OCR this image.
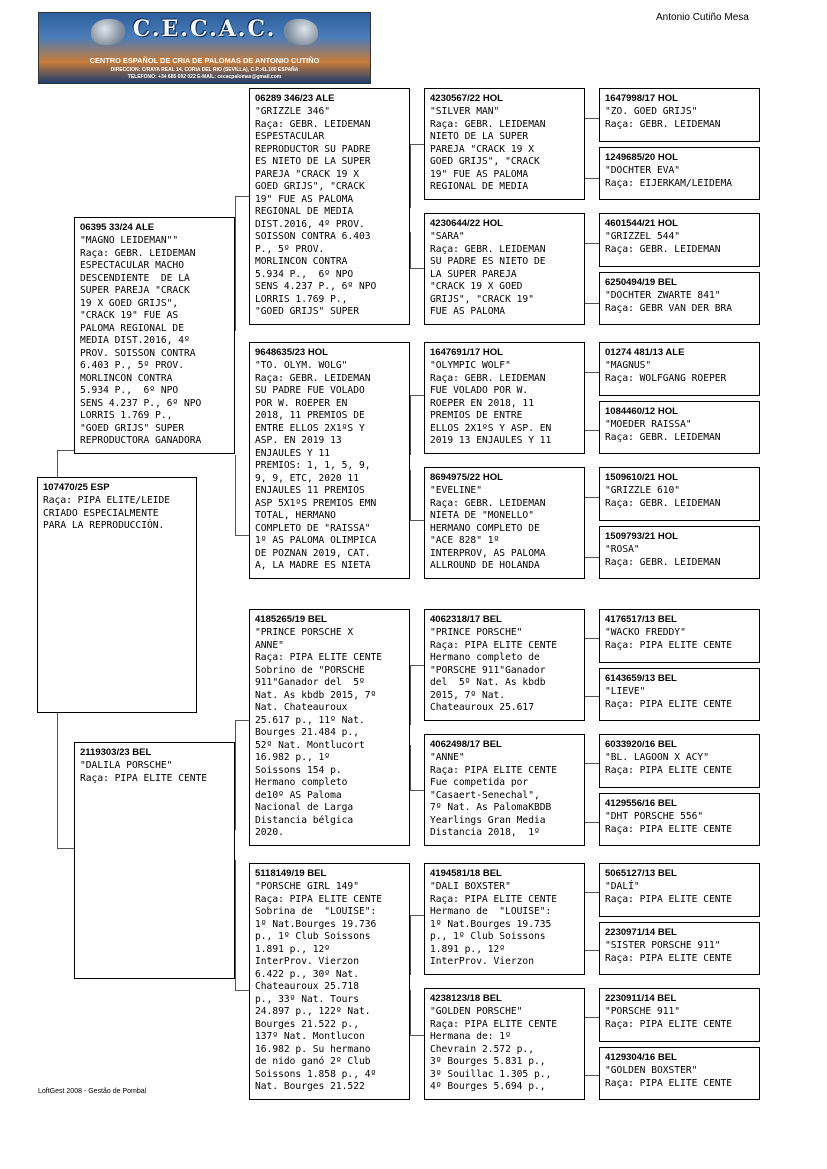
C.E.C.A.C.
CENTRO ESPAÑOL DE CRIA DE PALOMAS DE ANTONIO CUTIÑO
DIRECCION: C/RAYA REAL 14, CORIA DEL RIO (SEVILLA), C.P.:41.100 ESPAÑA
TELEFONO: +34 685 692 022 E-MAIL: cecacpalomas@gmail.com
Antonio Cutiño Mesa
107470/25 ESP
Raça: PIPA ELITE/LEIDE
CRIADO ESPECIALMENTE
PARA LA REPRODUCCIÓN.
06395 33/24 ALE
"MAGNO LEIDEMAN""
Raça: GEBR. LEIDEMAN
ESPECTACULAR MACHO
DESCENDIENTE  DE LA
SUPER PAREJA "CRACK
19 X GOED GRIJS",
"CRACK 19" FUE AS
PALOMA REGIONAL DE
MEDIA DIST.2016, 4º
PROV. SOISSON CONTRA
6.403 P., 5º PROV.
MORLINCON CONTRA
5.934 P.,  6º NPO
SENS 4.237 P., 6º NPO
LORRIS 1.769 P.,
"GOED GRIJS" SUPER
REPRODUCTORA GANADORA
2119303/23 BEL
"DALILA PORSCHE"
Raça: PIPA ELITE CENTE
06289 346/23 ALE
"GRIZZLE 346"
Raça: GEBR. LEIDEMAN
ESPESTACULAR
REPRODUCTOR SU PADRE
ES NIETO DE LA SUPER
PAREJA "CRACK 19 X
GOED GRIJS", "CRACK
19" FUE AS PALOMA
REGIONAL DE MEDIA
DIST.2016, 4º PROV.
SOISSON CONTRA 6.403
P., 5º PROV.
MORLINCON CONTRA
5.934 P.,  6º NPO
SENS 4.237 P., 6º NPO
LORRIS 1.769 P.,
"GOED GRIJS" SUPER
9648635/23 HOL
"TO. OLYM. WOLG"
Raça: GEBR. LEIDEMAN
SU PADRE FUE VOLADO
POR W. ROEPER EN
2018, 11 PREMIOS DE
ENTRE ELLOS 2X1ºS Y
ASP. EN 2019 13
ENJAULES Y 11
PREMIOS: 1, 1, 5, 9,
9, 9, ETC, 2020 11
ENJAULES 11 PREMIOS
ASP 5X1ºS PREMIOS EMN
TOTAL, HERMANO
COMPLETO DE "RAISSA"
1º AS PALOMA OLIMPICA
DE POZNAN 2019, CAT.
A, LA MADRE ES NIETA
4185265/19 BEL
"PRINCE PORSCHE X
ANNE"
Raça: PIPA ELITE CENTE
Sobrino de "PORSCHE
911"Ganador del  5º
Nat. As kbdb 2015, 7º
Nat. Chateauroux
25.617 p., 11º Nat.
Bourges 21.484 p.,
52º Nat. Montlucort
16.982 p., 1º
Soissons 154 p.
Hermano completo
de10º AS Paloma
Nacional de Larga
Distancia bélgica
2020.
5118149/19 BEL
"PORSCHE GIRL 149"
Raça: PIPA ELITE CENTE
Sobrina de  "LOUISE":
1º Nat.Bourges 19.736
p., 1º Club Soissons
1.891 p., 12º
InterProv. Vierzon
6.422 p., 30º Nat.
Chateauroux 25.718
p., 33º Nat. Tours
24.897 p., 122º Nat.
Bourges 21.522 p.,
137º Nat. Montlucon
16.982 p. Su hermano
de nido ganó 2º Club
Soissons 1.858 p., 4º
Nat. Bourges 21.522
4230567/22 HOL
"SILVER MAN"
Raça: GEBR. LEIDEMAN
NIETO DE LA SUPER
PAREJA "CRACK 19 X
GOED GRIJS", "CRACK
19" FUE AS PALOMA
REGIONAL DE MEDIA
4230644/22 HOL
"SARA"
Raça: GEBR. LEIDEMAN
SU PADRE ES NIETO DE
LA SUPER PAREJA
"CRACK 19 X GOED
GRIJS", "CRACK 19"
FUE AS PALOMA
1647691/17 HOL
"OLYMPIC WOLF"
Raça: GEBR. LEIDEMAN
FUE VOLADO POR W.
ROEPER EN 2018, 11
PREMIOS DE ENTRE
ELLOS 2X1ºS Y ASP. EN
2019 13 ENJAULES Y 11
8694975/22 HOL
"EVELINE"
Raça: GEBR. LEIDEMAN
NIETA DE "MONELLO"
HERMANO COMPLETO DE
"ACE 828" 1º
INTERPROV, AS PALOMA
ALLROUND DE HOLANDA
4062318/17 BEL
"PRINCE PORSCHE"
Raça: PIPA ELITE CENTE
Hermano completo de
"PORSCHE 911"Ganador
del  5º Nat. As kbdb
2015, 7º Nat.
Chateauroux 25.617
4062498/17 BEL
"ANNE"
Raça: PIPA ELITE CENTE
Fue competida por
"Casaert-Senechal",
7º Nat. As PalomaKBDB
Yearlings Gran Media
Distancia 2018,  1º
4194581/18 BEL
"DALI BOXSTER"
Raça: PIPA ELITE CENTE
Hermano de  "LOUISE":
1º Nat.Bourges 19.735
p., 1º Club Soissons
1.891 p., 12º
InterProv. Vierzon
4238123/18 BEL
"GOLDEN PORSCHE"
Raça: PIPA ELITE CENTE
Hermana de: 1º
Chevrain 2.572 p.,
3º Bourges 5.831 p.,
3º Souillac 1.305 p.,
4º Bourges 5.694 p.,
1647998/17 HOL
"ZO. GOED GRIJS"
Raça: GEBR. LEIDEMAN
1249685/20 HOL
"DOCHTER EVA"
Raça: EIJERKAM/LEIDEMA
4601544/21 HOL
"GRIZZEL 544"
Raça: GEBR. LEIDEMAN
6250494/19 BEL
"DOCHTER ZWARTE 841"
Raça: GEBR VAN DER BRA
01274 481/13 ALE
"MAGNUS"
Raça: WOLFGANG ROEPER
1084460/12 HOL
"MOEDER RAISSA"
Raça: GEBR. LEIDEMAN
1509610/21 HOL
"GRIZZLE 610"
Raça: GEBR. LEIDEMAN
1509793/21 HOL
"ROSA"
Raça: GEBR. LEIDEMAN
4176517/13 BEL
"WACKO FREDDY"
Raça: PIPA ELITE CENTE
6143659/13 BEL
"LIEVE"
Raça: PIPA ELITE CENTE
6033920/16 BEL
"BL. LAGOON X ACY"
Raça: PIPA ELITE CENTE
4129556/16 BEL
"DHT PORSCHE 556"
Raça: PIPA ELITE CENTE
5065127/13 BEL
"DALÍ"
Raça: PIPA ELITE CENTE
2230971/14 BEL
"SISTER PORSCHE 911"
Raça: PIPA ELITE CENTE
2230911/14 BEL
"PORSCHE 911"
Raça: PIPA ELITE CENTE
4129304/16 BEL
"GOLDEN BOXSTER"
Raça: PIPA ELITE CENTE
LoftGest 2008 - Gestão de Pombal
